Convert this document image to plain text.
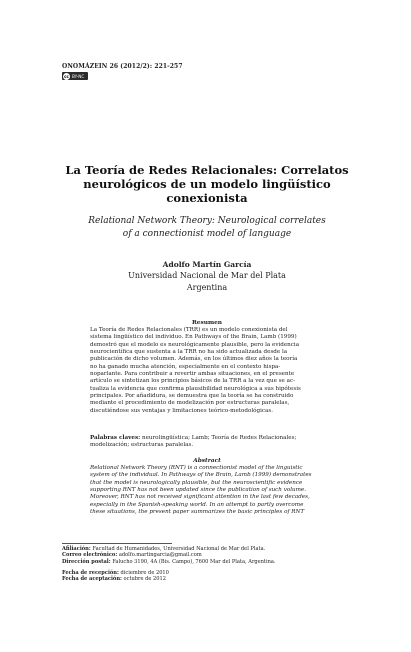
ONOMÁZEIN 26 (2012/2): 221-257
cc BY-NC
La Teoría de Redes Relacionales: Correlatos
neurológicos de un modelo lingüístico
conexionista
Relational Network Theory: Neurological correlates
of a connectionist model of language
Adolfo Martín García
Universidad Nacional de Mar del Plata
Argentina
Resumen
La Teoría de Redes Relacionales (TRR) es un modelo conexionista del
sistema lingüístico del individuo. En Pathways of the Brain, Lamb (1999)
demostró que el modelo es neurológicamente plausible, pero la evidencia
neurocientífica que sustenta a la TRR no ha sido actualizada desde la
publicación de dicho volumen. Además, en los últimos diez años la teoría
no ha ganado mucha atención, especialmente en el contexto hispa-
noparlante. Para contribuir a revertir ambas situaciones, en el presente
artículo se sintetizan los principios básicos de la TRR a la vez que se ac-
tualiza la evidencia que confirma plausibilidad neurológica a sus hipótesis
principales. Por añadidura, se demuestra que la teoría se ha construido
mediante el procedimiento de modelización por estructuras paralelas,
discutiéndose sus ventajas y limitaciones teórico-metodológicas.
Palabras claves: neurolingüística; Lamb; Teoría de Redes Relacionales;
modelización; estructuras paralelas.
Abstract
Relational Network Theory (RNT) is a connectionist model of the linguistic
system of the individual. In Pathways of the Brain, Lamb (1999) demonstrates
that the model is neurologically plausible, but the neuroscientific evidence
supporting RNT has not been updated since the publication of such volume.
Moreover, RNT has not received significant attention in the last few decades,
especially in the Spanish-speaking world. In an attempt to partly overcome
these situations, the present paper summarizes the basic principles of RNT
Afiliación: Facultad de Humanidades, Universidad Nacional de Mar del Plata.
Correo electrónico: adolfo.martingarcia@gmail.com
Dirección postal: Falucho 3190, 4A (Bis. Campo), 7600 Mar del Plata, Argentina.
Fecha de recepción: diciembre de 2010
Fecha de aceptación: octubre de 2012
